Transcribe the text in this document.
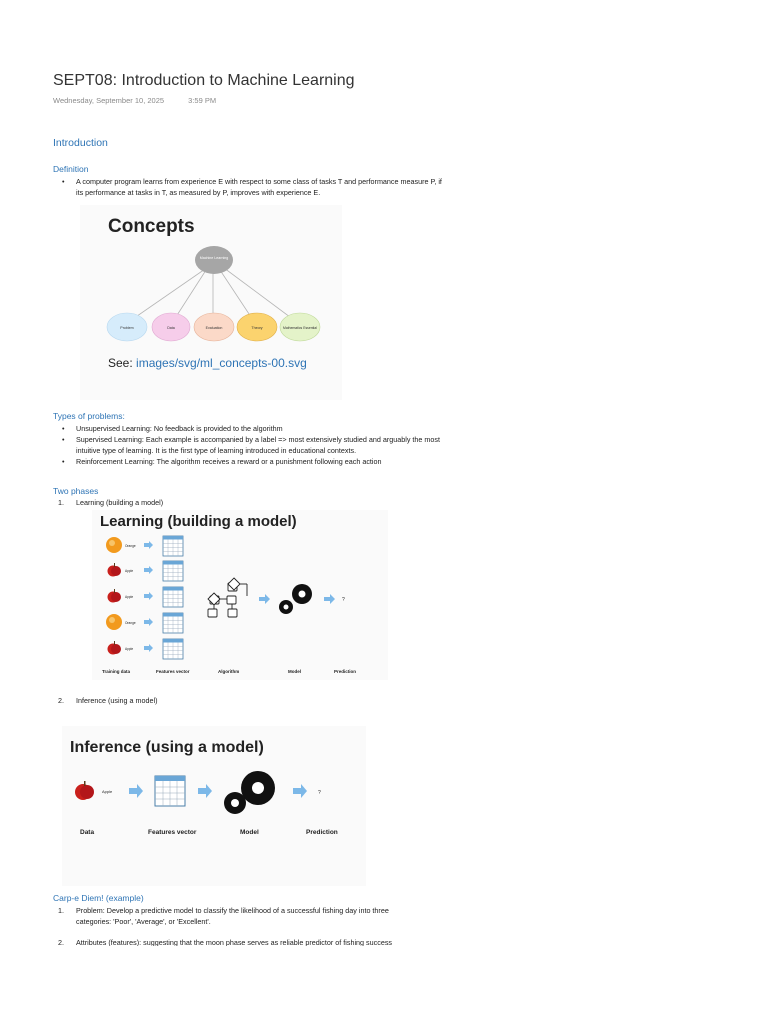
SEPT08: Introduction to Machine Learning
Wednesday, September 10, 2025	3:59 PM
Introduction
Definition
• A computer program learns from experience E with respect to some class of tasks T and performance measure P, if
its performance at tasks in T, as measured by P, improves with experience E.
Concepts
Machine Learning
Problem	Data	Evaluation	Theory	Mathematics Essential
See: images/svg/ml_concepts-00.svg
Types of problems:
• Unsupervised Learning: No feedback is provided to the algorithm
• Supervised Learning: Each example is accompanied by a label => most extensively studied and arguably the most
intuitive type of learning. It is the first type of learning introduced in educational contexts.
• Reinforcement Learning: The algorithm receives a reward or a punishment following each action
Two phases
1. Learning (building a model)
Learning (building a model)
Orange
Apple
Apple
Orange
Apple
?
Training data	Features vector	Algorithm	Model	Prediction
2. Inference (using a model)
Inference (using a model)
Apple	?
Data	Features vector	Model	Prediction
Carp-e Diem! (example)
1. Problem: Develop a predictive model to classify the likelihood of a successful fishing day into three
categories: 'Poor', 'Average', or 'Excellent'.
2. Attributes (features): suggesting that the moon phase serves as reliable predictor of fishing success
